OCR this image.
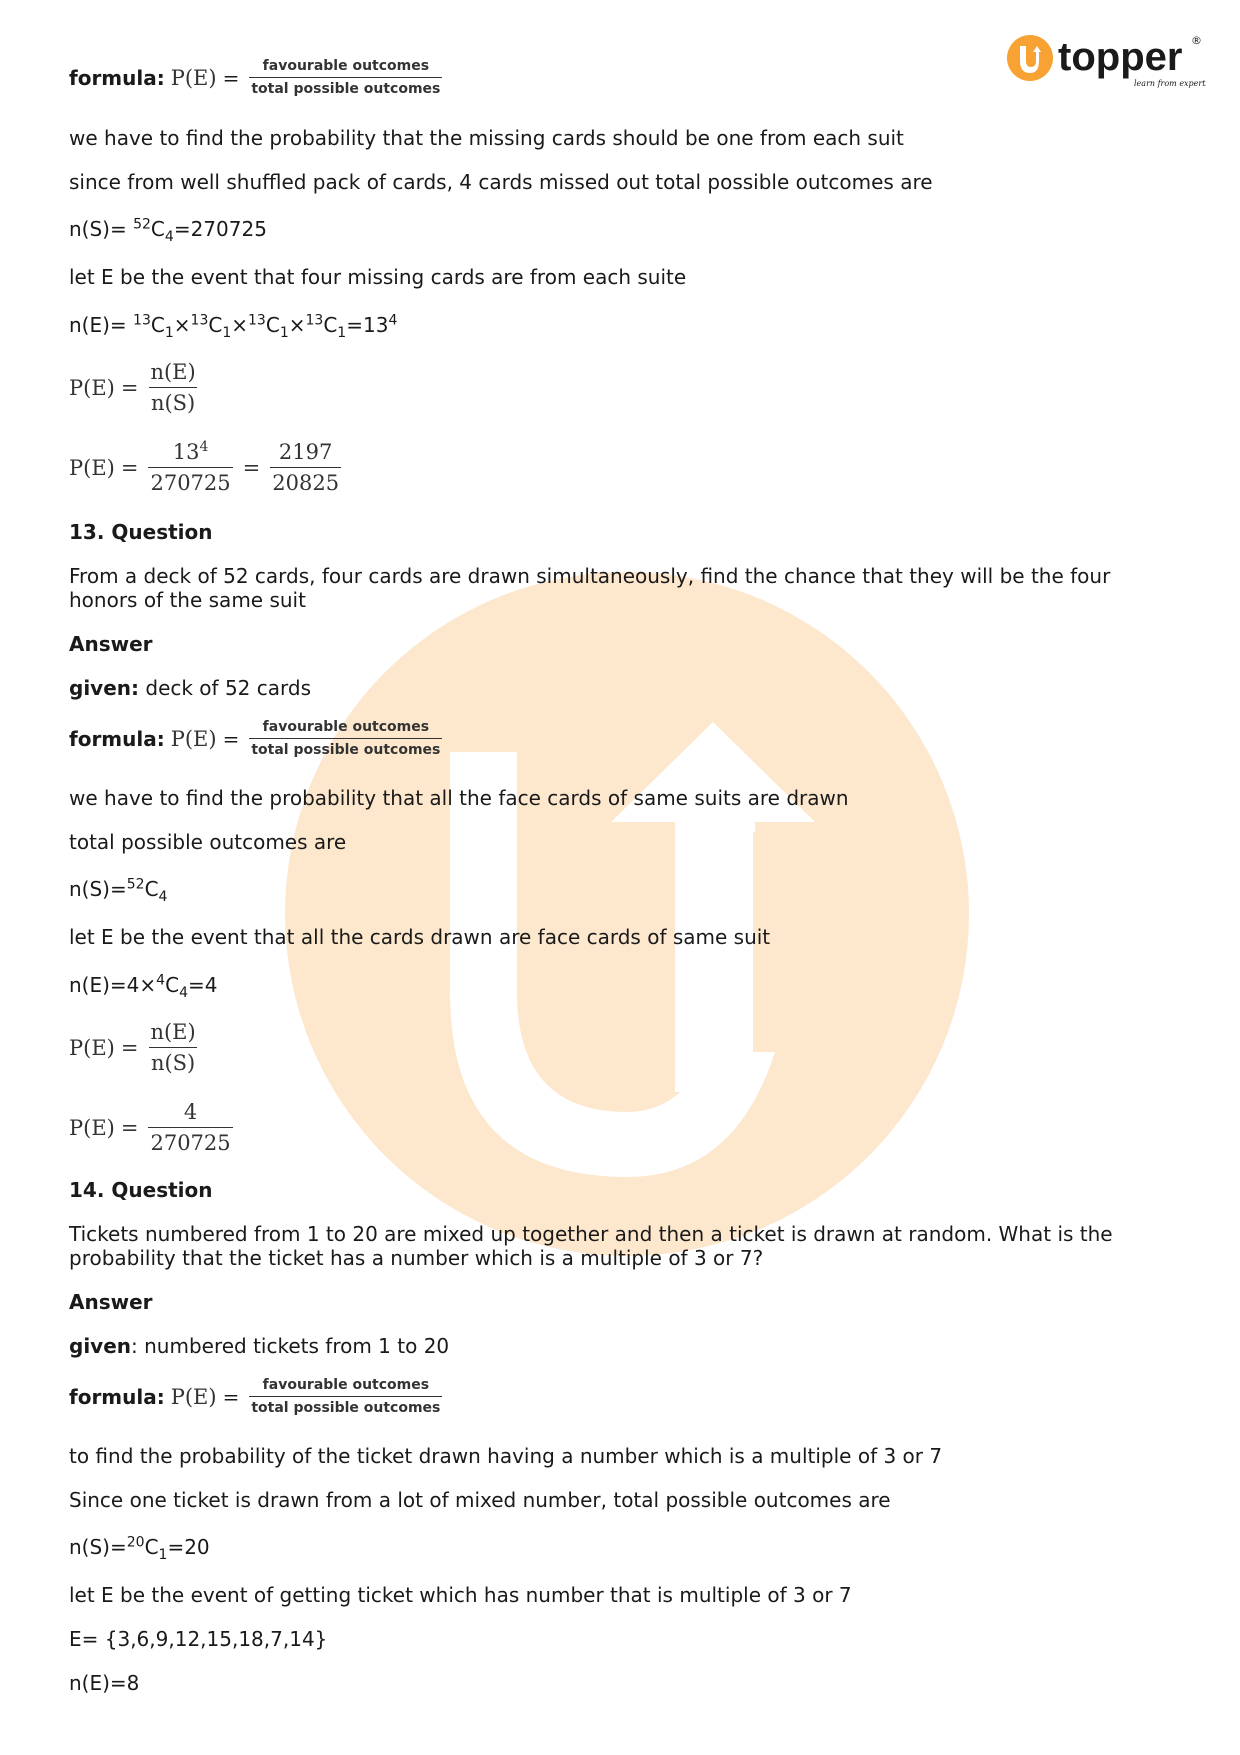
topper ®
learn from experts
formula: $P(E) = \frac{\text{favourable outcomes}}{\text{total possible outcomes}}$
we have to find the probability that the missing cards should be one from each suit
since from well shuffled pack of cards, 4 cards missed out total possible outcomes are
$n(S)= ^{52}C_4=270725$
let E be the event that four missing cards are from each suite
$n(E)= ^{13}C_1\times^{13}C_1\times^{13}C_1\times^{13}C_1=13^4$
$P(E) = \frac{n(E)}{n(S)}$
$P(E) = \frac{13^4}{270725} = \frac{2197}{20825}$
13. Question
From a deck of 52 cards, four cards are drawn simultaneously, find the chance that they will be the four honors of the same suit
Answer
given: deck of 52 cards
formula: $P(E) = \frac{\text{favourable outcomes}}{\text{total possible outcomes}}$
we have to find the probability that all the face cards of same suits are drawn
total possible outcomes are
$n(S)=^{52}C_4$
let E be the event that all the cards drawn are face cards of same suit
$n(E)=4\times^4C_4=4$
$P(E) = \frac{n(E)}{n(S)}$
$P(E) = \frac{4}{270725}$
14. Question
Tickets numbered from 1 to 20 are mixed up together and then a ticket is drawn at random. What is the probability that the ticket has a number which is a multiple of 3 or 7?
Answer
given: numbered tickets from 1 to 20
formula: $P(E) = \frac{\text{favourable outcomes}}{\text{total possible outcomes}}$
to find the probability of the ticket drawn having a number which is a multiple of 3 or 7
Since one ticket is drawn from a lot of mixed number, total possible outcomes are
$n(S)=^{20}C_1=20$
let E be the event of getting ticket which has number that is multiple of 3 or 7
E= {3,6,9,12,15,18,7,14}
n(E)=8
